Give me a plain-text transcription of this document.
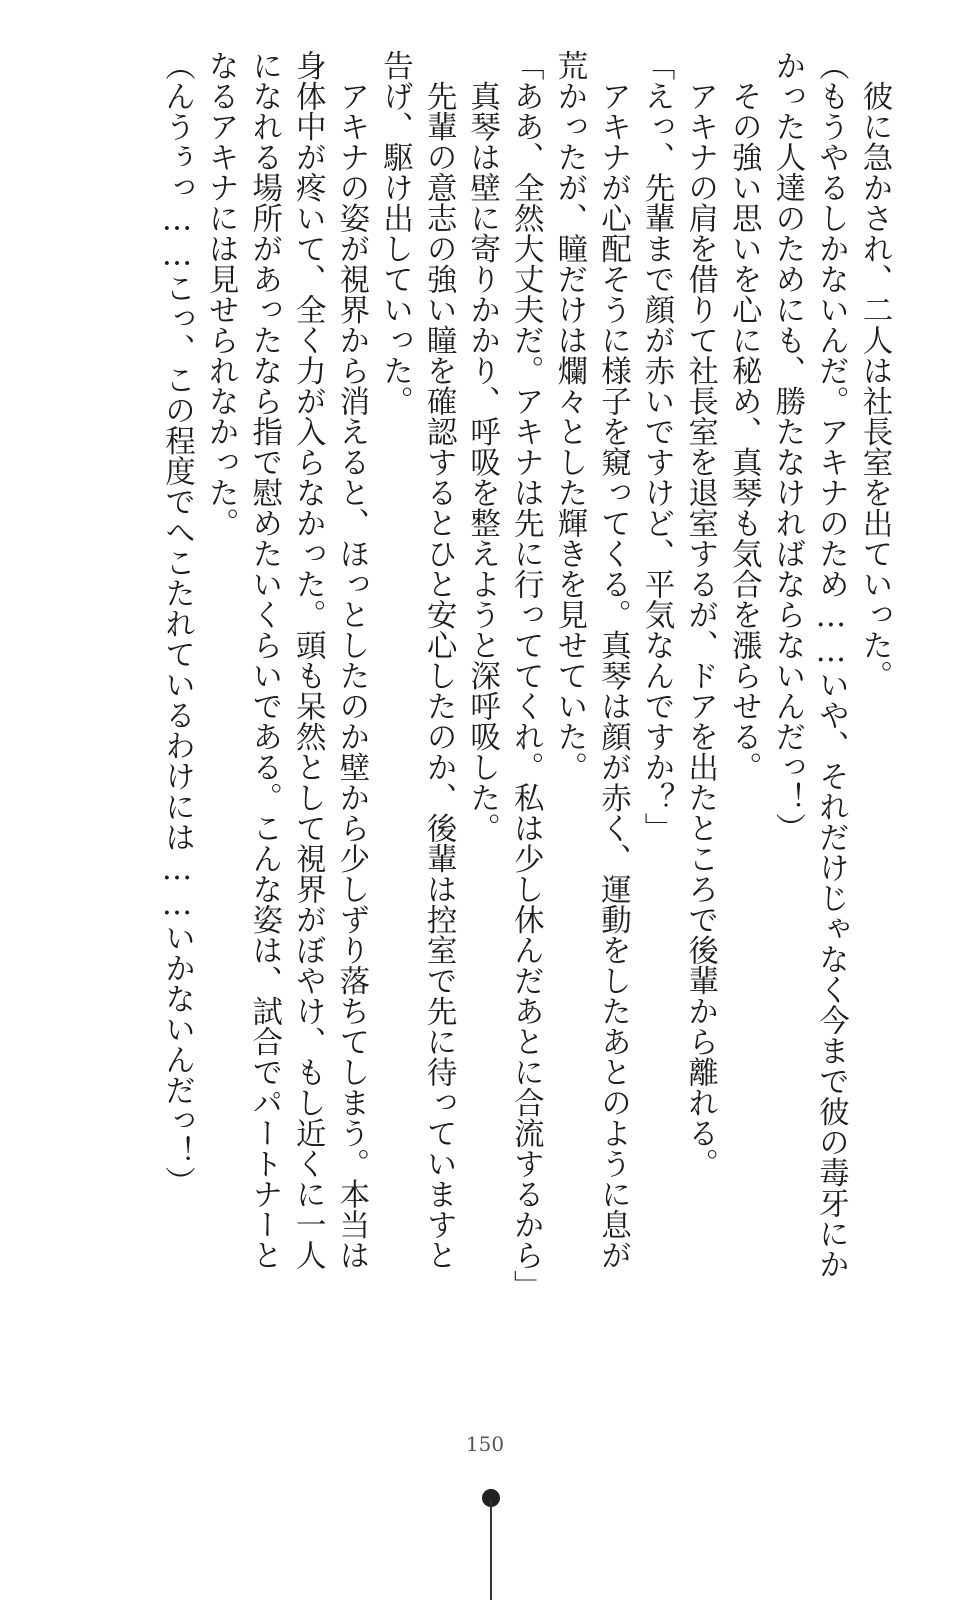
　彼に急かされ、二人は社長室を出ていった。
（もうやるしかないんだ。アキナのため……いや、それだけじゃなく今まで彼の毒牙にか
かった人達のためにも、勝たなければならないんだっ！）
　その強い思いを心に秘め、真琴も気合を漲らせる。
　アキナの肩を借りて社長室を退室するが、ドアを出たところで後輩から離れる。
「えっ、先輩まで顔が赤いですけど、平気なんですか？」
　アキナが心配そうに様子を窺ってくる。真琴は顔が赤く、運動をしたあとのように息が
荒かったが、瞳だけは爛々とした輝きを見せていた。
「ああ、全然大丈夫だ。アキナは先に行っててくれ。私は少し休んだあとに合流するから」
　真琴は壁に寄りかかり、呼吸を整えようと深呼吸した。
　先輩の意志の強い瞳を確認するとひと安心したのか、後輩は控室で先に待っていますと
告げ、駆け出していった。
　アキナの姿が視界から消えると、ほっとしたのか壁から少しずり落ちてしまう。本当は
身体中が疼いて、全く力が入らなかった。頭も呆然として視界がぼやけ、もし近くに一人
になれる場所があったなら指で慰めたいくらいである。こんな姿は、試合でパートナーと
なるアキナには見せられなかった。
（んうぅっ……こっ、この程度でへこたれているわけには……いかないんだっ！）
150
